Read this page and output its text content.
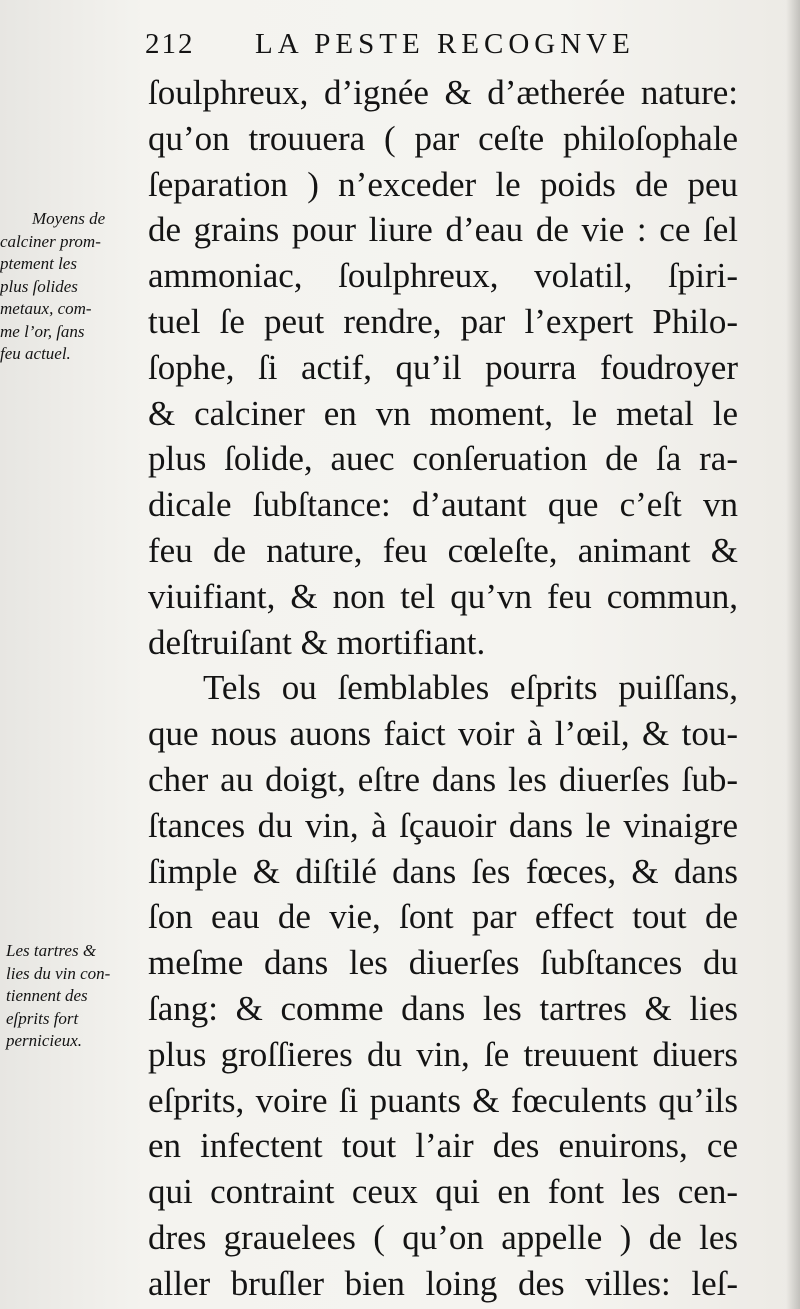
212 LA PESTE RECOGNVE
Moyens de
calciner prom-
ptement les
plus ſolides
metaux, com-
me l’or, ſans
feu actuel.
Les tartres &
lies du vin con-
tiennent des
eſprits fort
pernicieux.
ſoulphreux, d’ignée & d’ætherée nature:
qu’on trouuera ( par ceſte philoſophale
ſeparation ) n’exceder le poids de peu
de grains pour liure d’eau de vie : ce ſel
ammoniac, ſoulphreux, volatil, ſpiri-
tuel ſe peut rendre, par l’expert Philo-
ſophe, ſi actif, qu’il pourra foudroyer
& calciner en vn moment, le metal le
plus ſolide, auec conſeruation de ſa ra-
dicale ſubſtance: d’autant que c’eſt vn
feu de nature, feu cœleſte, animant &
viuifiant, & non tel qu’vn feu commun,
deſtruiſant & mortifiant.
Tels ou ſemblables eſprits puiſſans,
que nous auons faict voir à l’œil, & tou-
cher au doigt, eſtre dans les diuerſes ſub-
ſtances du vin, à ſçauoir dans le vinaigre
ſimple & diſtilé dans ſes fœces, & dans
ſon eau de vie, ſont par effect tout de
meſme dans les diuerſes ſubſtances du
ſang: & comme dans les tartres & lies
plus groſſieres du vin, ſe treuuent diuers
eſprits, voire ſi puants & fœculents qu’ils
en infectent tout l’air des enuirons, ce
qui contraint ceux qui en font les cen-
dres grauelees ( qu’on appelle ) de les
aller bruſler bien loing des villes: leſ-
